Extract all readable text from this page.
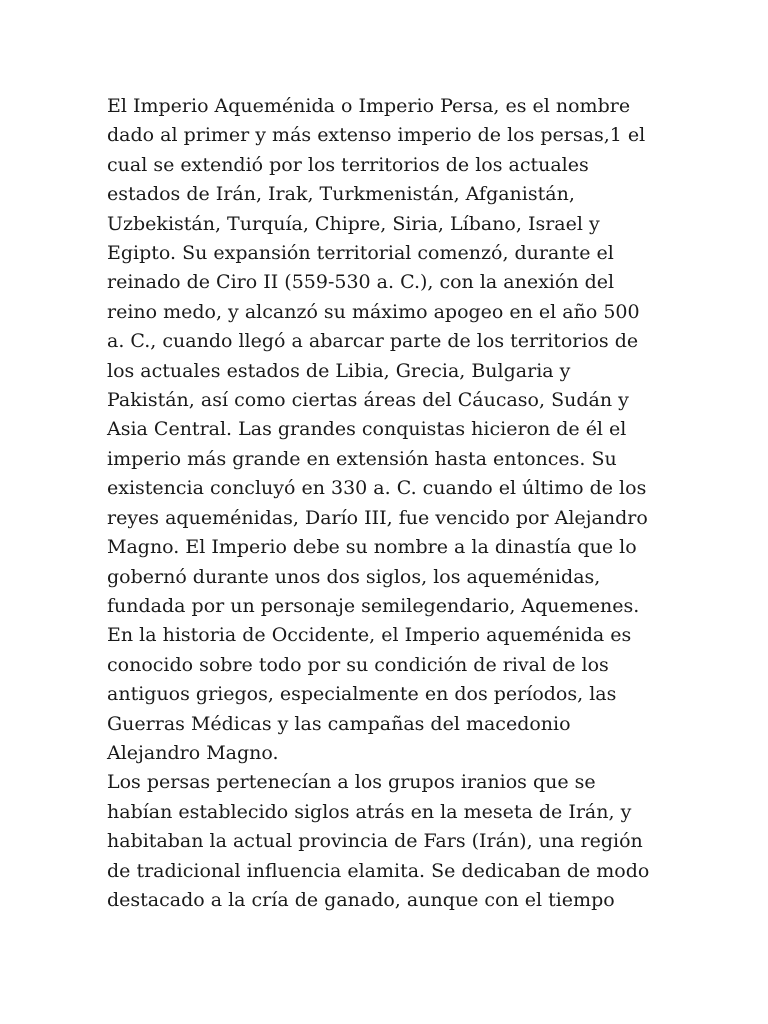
El Imperio Aqueménida o Imperio Persa, es el nombre
dado al primer y más extenso imperio de los persas,1 el
cual se extendió por los territorios de los actuales
estados de Irán, Irak, Turkmenistán, Afganistán,
Uzbekistán, Turquía, Chipre, Siria, Líbano, Israel y
Egipto. Su expansión territorial comenzó, durante el
reinado de Ciro II (559-530 a. C.), con la anexión del
reino medo, y alcanzó su máximo apogeo en el año 500
a. C., cuando llegó a abarcar parte de los territorios de
los actuales estados de Libia, Grecia, Bulgaria y
Pakistán, así como ciertas áreas del Cáucaso, Sudán y
Asia Central. Las grandes conquistas hicieron de él el
imperio más grande en extensión hasta entonces. Su
existencia concluyó en 330 a. C. cuando el último de los
reyes aqueménidas, Darío III, fue vencido por Alejandro
Magno. El Imperio debe su nombre a la dinastía que lo
gobernó durante unos dos siglos, los aqueménidas,
fundada por un personaje semilegendario, Aquemenes.
En la historia de Occidente, el Imperio aqueménida es
conocido sobre todo por su condición de rival de los
antiguos griegos, especialmente en dos períodos, las
Guerras Médicas y las campañas del macedonio
Alejandro Magno.
Los persas pertenecían a los grupos iranios que se
habían establecido siglos atrás en la meseta de Irán, y
habitaban la actual provincia de Fars (Irán), una región
de tradicional influencia elamita. Se dedicaban de modo
destacado a la cría de ganado, aunque con el tiempo
